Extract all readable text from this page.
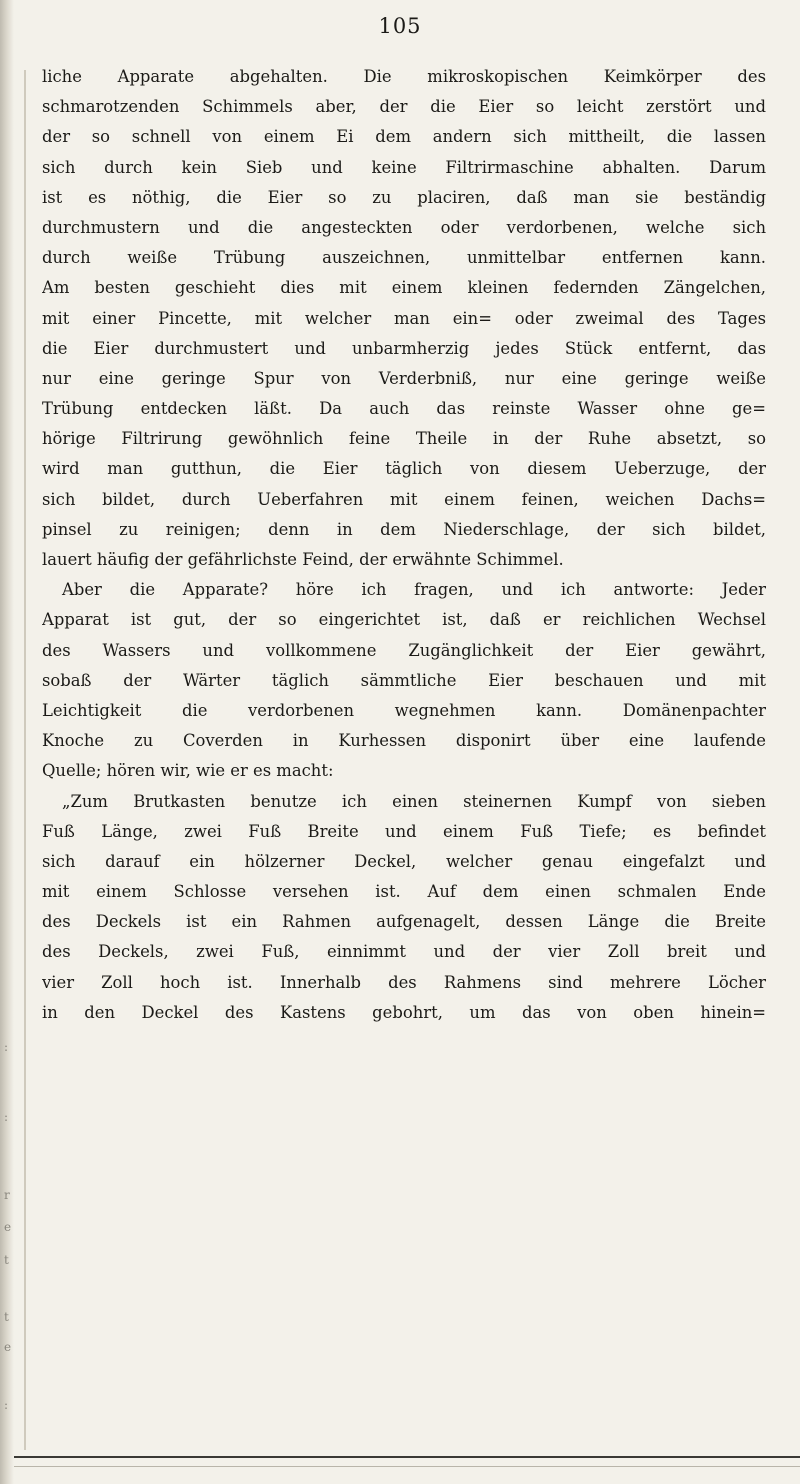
:
:
r
e
t
t
e
:
105
liche Apparate abgehalten. Die mikroskopischen Keimkörper des
schmarotzenden Schimmels aber, der die Eier so leicht zerstört und
der so schnell von einem Ei dem andern sich mittheilt, die lassen
sich durch kein Sieb und keine Filtrirmaschine abhalten. Darum
ist es nöthig, die Eier so zu placiren, daß man sie beständig
durchmustern und die angesteckten oder verdorbenen, welche sich
durch weiße Trübung auszeichnen, unmittelbar entfernen kann.
Am besten geschieht dies mit einem kleinen federnden Zängelchen,
mit einer Pincette, mit welcher man ein= oder zweimal des Tages
die Eier durchmustert und unbarmherzig jedes Stück entfernt, das
nur eine geringe Spur von Verderbniß, nur eine geringe weiße
Trübung entdecken läßt. Da auch das reinste Wasser ohne ge=
hörige Filtrirung gewöhnlich feine Theile in der Ruhe absetzt, so
wird man gutthun, die Eier täglich von diesem Ueberzuge, der
sich bildet, durch Ueberfahren mit einem feinen, weichen Dachs=
pinsel zu reinigen; denn in dem Niederschlage, der sich bildet,
lauert häufig der gefährlichste Feind, der erwähnte Schimmel.
Aber die Apparate? höre ich fragen, und ich antworte: Jeder
Apparat ist gut, der so eingerichtet ist, daß er reichlichen Wechsel
des Wassers und vollkommene Zugänglichkeit der Eier gewährt,
sobaß der Wärter täglich sämmtliche Eier beschauen und mit
Leichtigkeit die verdorbenen wegnehmen kann. Domänenpachter
Knoche zu Coverden in Kurhessen disponirt über eine laufende
Quelle; hören wir, wie er es macht:
„Zum Brutkasten benutze ich einen steinernen Kumpf von sieben
Fuß Länge, zwei Fuß Breite und einem Fuß Tiefe; es befindet
sich darauf ein hölzerner Deckel, welcher genau eingefalzt und
mit einem Schlosse versehen ist. Auf dem einen schmalen Ende
des Deckels ist ein Rahmen aufgenagelt, dessen Länge die Breite
des Deckels, zwei Fuß, einnimmt und der vier Zoll breit und
vier Zoll hoch ist. Innerhalb des Rahmens sind mehrere Löcher
in den Deckel des Kastens gebohrt, um das von oben hinein=
